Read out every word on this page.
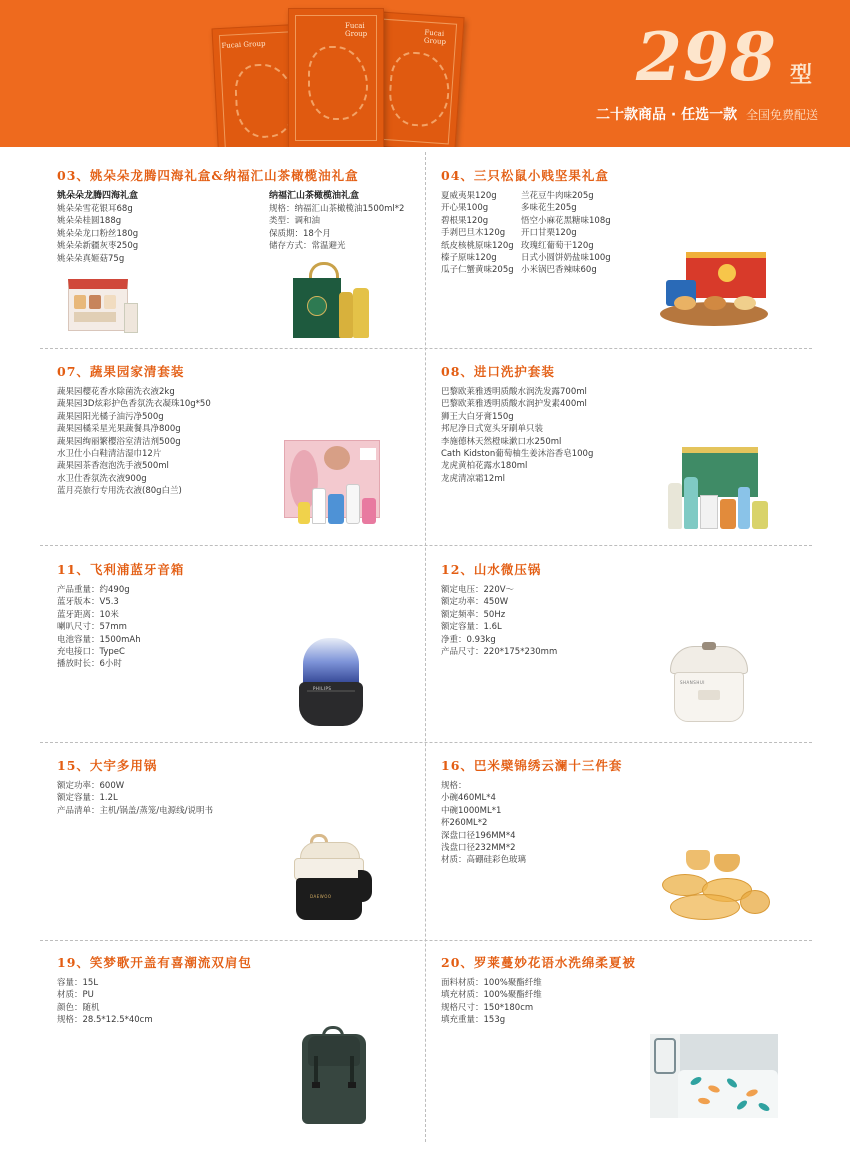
Fucai Group
Fucai Group	Fucai Group	298 型
二十款商品 · 任选一款 全国免费配送
03、姚朵朵龙腾四海礼盒&纳福汇山茶橄榄油礼盒
姚朵朵龙腾四海礼盒
姚朵朵雪花银耳68g
姚朵朵桂圆188g
姚朵朵龙口粉丝180g
姚朵朵新疆灰枣250g
姚朵朵真姬菇75g
纳福汇山茶橄榄油礼盒
规格：纳福汇山茶橄榄油1500ml*2
类型：调和油
保质期：18个月
储存方式：常温避光
04、三只松鼠小贱坚果礼盒
夏威夷果120g
开心果100g
碧根果120g
手剥巴旦木120g
纸皮核桃原味120g
榛子原味120g
瓜子仁蟹黄味205g
兰花豆牛肉味205g
多味花生205g
悟空小麻花黑糖味108g
开口甘栗120g
玫瑰红葡萄干120g
日式小圆饼奶盐味100g
小米锅巴香辣味60g
07、蔬果园家清套装
蔬果园樱花香水除菌洗衣液2kg
蔬果园3D炫彩护色香氛洗衣凝珠10g*50
蔬果园阳光橘子油污净500g
蔬果园橘采星光果蔬餐具净800g
蔬果园绚丽繁樱浴室清洁剂500g
水卫仕小白鞋清洁湿巾12片
蔬果园茶香泡泡洗手液500ml
水卫仕香氛洗衣液900g
蓝月亮旅行专用洗衣液(80g白兰)
08、进口洗护套装
巴黎欧莱雅透明质酸水润洗发露700ml
巴黎欧莱雅透明质酸水润护发素400ml
狮王大白牙膏150g
邦尼净日式宽头牙刷单只装
李施德林天然橙味漱口水250ml
Cath Kidston葡萄柚生姜沐浴香皂100g
龙虎黄柏花露水180ml
龙虎清凉霜12ml
11、飞利浦蓝牙音箱
产品重量：约490g
蓝牙版本：V5.3
蓝牙距离：10米
喇叭尺寸：57mm
电池容量：1500mAh
充电接口：TypeC
播放时长：6小时
PHILIPS
12、山水微压锅
额定电压：220V～
额定功率：450W
额定频率：50Hz
额定容量：1.6L
净重：0.93kg
产品尺寸：220*175*230mm
SHANSHUI
15、大宇多用锅
额定功率：600W
额定容量：1.2L
产品清单：主机/锅盖/蒸笼/电源线/说明书
DAEWOO
16、巴米檗锦绣云澜十三件套
规格：
小碗460ML*4
中碗1000ML*1
杯260ML*2
深盘口径196MM*4
浅盘口径232MM*2
材质：高硼硅彩色玻璃
19、笑梦歌开盖有喜潮流双肩包
容量：15L
材质：PU
颜色：随机
规格：28.5*12.5*40cm
20、罗莱蔓妙花语水洗绵柔夏被
面料材质：100%聚酯纤维
填充材质：100%聚酯纤维
规格尺寸：150*180cm
填充重量：153g
